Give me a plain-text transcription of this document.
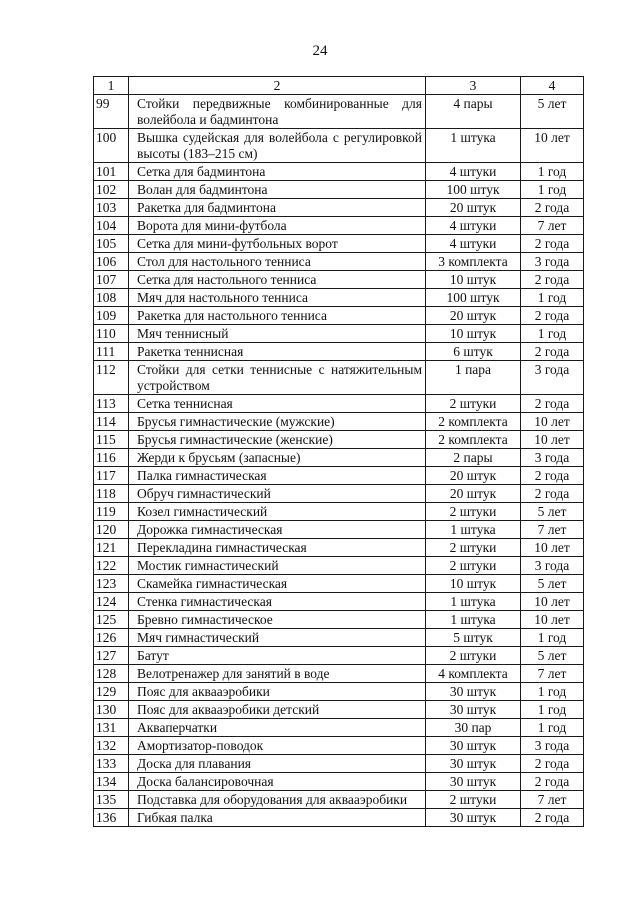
24
1	2	3	4
99	Стойки передвижные комбинированные для волейбола и бадминтона	4 пары	5 лет
100	Вышка судейская для волейбола с регулировкой высоты (183–215 см)	1 штука	10 лет
101	Сетка для бадминтона	4 штуки	1 год
102	Волан для бадминтона	100 штук	1 год
103	Ракетка для бадминтона	20 штук	2 года
104	Ворота для мини-футбола	4 штуки	7 лет
105	Сетка для мини-футбольных ворот	4 штуки	2 года
106	Стол для настольного тенниса	3 комплекта	3 года
107	Сетка для настольного тенниса	10 штук	2 года
108	Мяч для настольного тенниса	100 штук	1 год
109	Ракетка для настольного тенниса	20 штук	2 года
110	Мяч теннисный	10 штук	1 год
111	Ракетка теннисная	6 штук	2 года
112	Стойки для сетки теннисные с натяжительным устройством	1 пара	3 года
113	Сетка теннисная	2 штуки	2 года
114	Брусья гимнастические (мужские)	2 комплекта	10 лет
115	Брусья гимнастические (женские)	2 комплекта	10 лет
116	Жерди к брусьям (запасные)	2 пары	3 года
117	Палка гимнастическая	20 штук	2 года
118	Обруч гимнастический	20 штук	2 года
119	Козел гимнастический	2 штуки	5 лет
120	Дорожка гимнастическая	1 штука	7 лет
121	Перекладина гимнастическая	2 штуки	10 лет
122	Мостик гимнастический	2 штуки	3 года
123	Скамейка гимнастическая	10 штук	5 лет
124	Стенка гимнастическая	1 штука	10 лет
125	Бревно гимнастическое	1 штука	10 лет
126	Мяч гимнастический	5 штук	1 год
127	Батут	2 штуки	5 лет
128	Велотренажер для занятий в воде	4 комплекта	7 лет
129	Пояс для аквааэробики	30 штук	1 год
130	Пояс для аквааэробики детский	30 штук	1 год
131	Акваперчатки	30 пар	1 год
132	Амортизатор-поводок	30 штук	3 года
133	Доска для плавания	30 штук	2 года
134	Доска балансировочная	30 штук	2 года
135	Подставка для оборудования для аквааэробики	2 штуки	7 лет
136	Гибкая палка	30 штук	2 года
